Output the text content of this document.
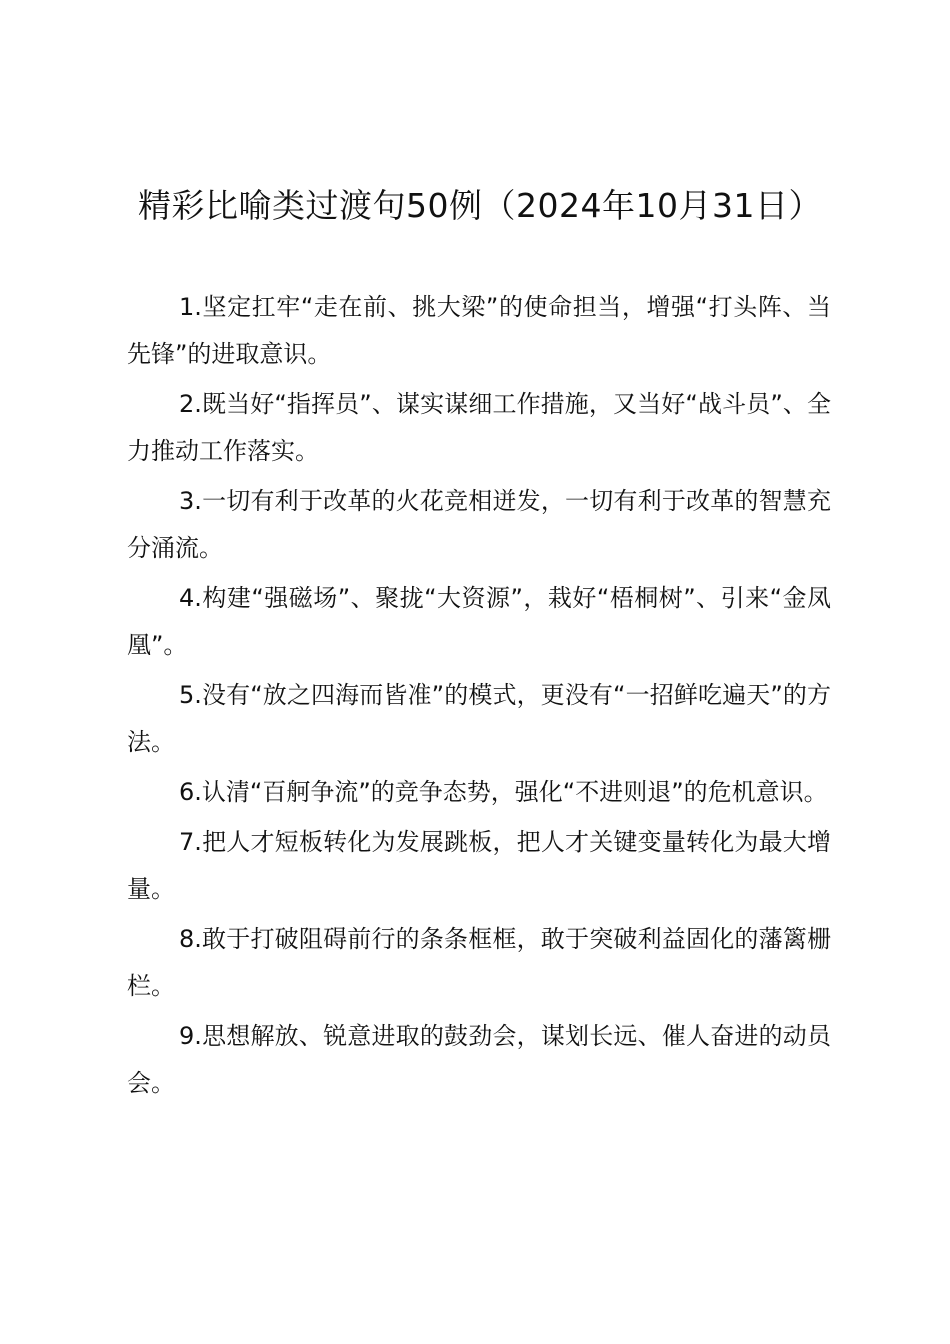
精彩比喻类过渡句50例（2024年10月31日）

1.坚定扛牢“走在前、挑大梁”的使命担当，增强“打头阵、当先锋”的进取意识。

2.既当好“指挥员”、谋实谋细工作措施，又当好“战斗员”、全力推动工作落实。

3.一切有利于改革的火花竞相迸发，一切有利于改革的智慧充分涌流。

4.构建“强磁场”、聚拢“大资源”，栽好“梧桐树”、引来“金凤凰”。

5.没有“放之四海而皆准”的模式，更没有“一招鲜吃遍天”的方法。

6.认清“百舸争流”的竞争态势，强化“不进则退”的危机意识。

7.把人才短板转化为发展跳板，把人才关键变量转化为最大增量。

8.敢于打破阻碍前行的条条框框，敢于突破利益固化的藩篱栅栏。

9.思想解放、锐意进取的鼓劲会，谋划长远、催人奋进的动员会。
